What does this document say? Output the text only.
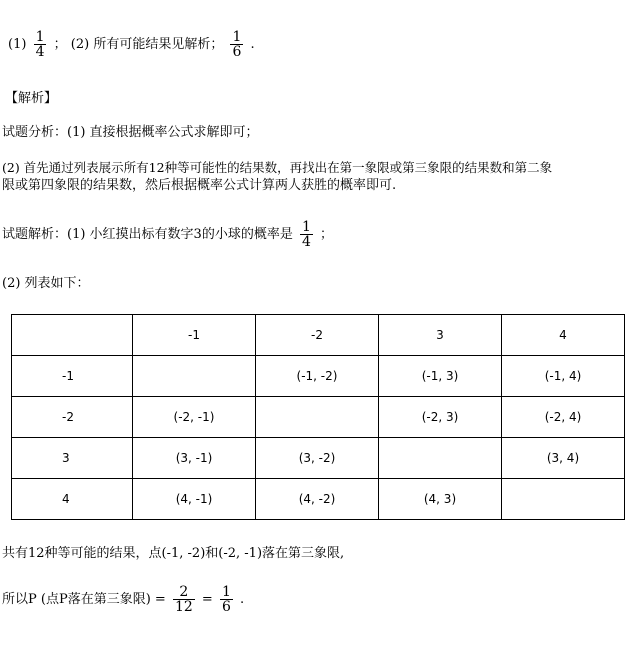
$(1) \frac{1}{4}$ ； (2) 所有可能结果见解析； $\frac{1}{6}$ .
【解析】
试题分析：(1) 直接根据概率公式求解即可；
(2) 首先通过列表展示所有12种等可能性的结果数，再找出在第一象限或第三象限的结果数和第二象
限或第四象限的结果数，然后根据概率公式计算两人获胜的概率即可.
试题解析：(1) 小红摸出标有数字3的小球的概率是 $\frac{1}{4}$ ；
(2) 列表如下：
	-1	-2	3	4
-1		(-1, -2)	(-1, 3)	(-1, 4)
-2	(-2, -1)		(-2, 3)	(-2, 4)
3	(3, -1)	(3, -2)		(3, 4)
4	(4, -1)	(4, -2)	(4, 3)	
共有12种等可能的结果，点(-1, -2)和(-2, -1)落在第三象限,
所以P (点P落在第三象限) = $\frac{2}{12} = \frac{1}{6}$ .
